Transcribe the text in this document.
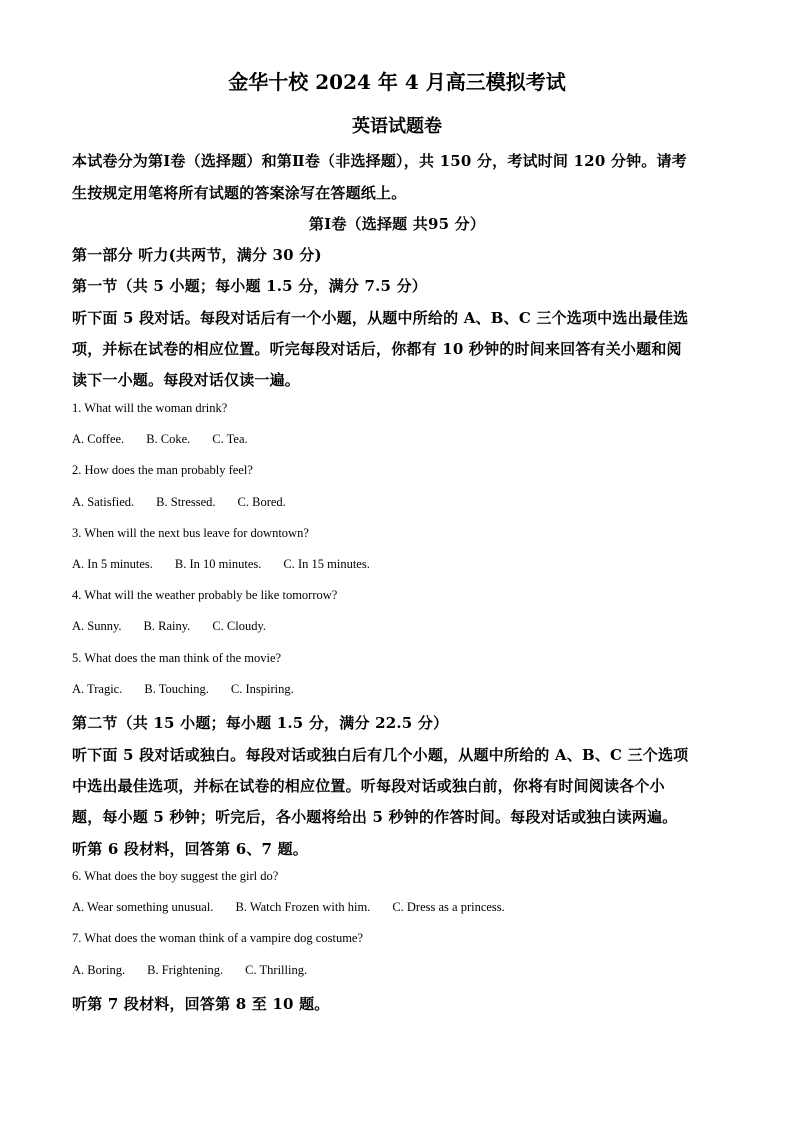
金华十校 2024 年 4 月高三模拟考试
英语试题卷
本试卷分为第Ⅰ卷（选择题）和第Ⅱ卷（非选择题），共 150 分，考试时间 120 分钟。请考
生按规定用笔将所有试题的答案涂写在答题纸上。
第Ⅰ卷（选择题 共95 分）
第一部分 听力(共两节，满分 30 分)
第一节（共 5 小题；每小题 1.5 分，满分 7.5 分）
听下面 5 段对话。每段对话后有一个小题，从题中所给的 A、B、C 三个选项中选出最佳选
项，并标在试卷的相应位置。听完每段对话后，你都有 10 秒钟的时间来回答有关小题和阅
读下一小题。每段对话仅读一遍。
1. What will the woman drink?
A. Coffee. B. Coke. C. Tea.
2. How does the man probably feel?
A. Satisfied. B. Stressed. C. Bored.
3. When will the next bus leave for downtown?
A. In 5 minutes. B. In 10 minutes. C. In 15 minutes.
4. What will the weather probably be like tomorrow?
A. Sunny. B. Rainy. C. Cloudy.
5. What does the man think of the movie?
A. Tragic. B. Touching. C. Inspiring.
第二节（共 15 小题；每小题 1.5 分，满分 22.5 分）
听下面 5 段对话或独白。每段对话或独白后有几个小题，从题中所给的 A、B、C 三个选项
中选出最佳选项，并标在试卷的相应位置。听每段对话或独白前，你将有时间阅读各个小
题，每小题 5 秒钟；听完后，各小题将给出 5 秒钟的作答时间。每段对话或独白读两遍。
听第 6 段材料，回答第 6、7 题。
6. What does the boy suggest the girl do?
A. Wear something unusual. B. Watch Frozen with him. C. Dress as a princess.
7. What does the woman think of a vampire dog costume?
A. Boring. B. Frightening. C. Thrilling.
听第 7 段材料，回答第 8 至 10 题。
